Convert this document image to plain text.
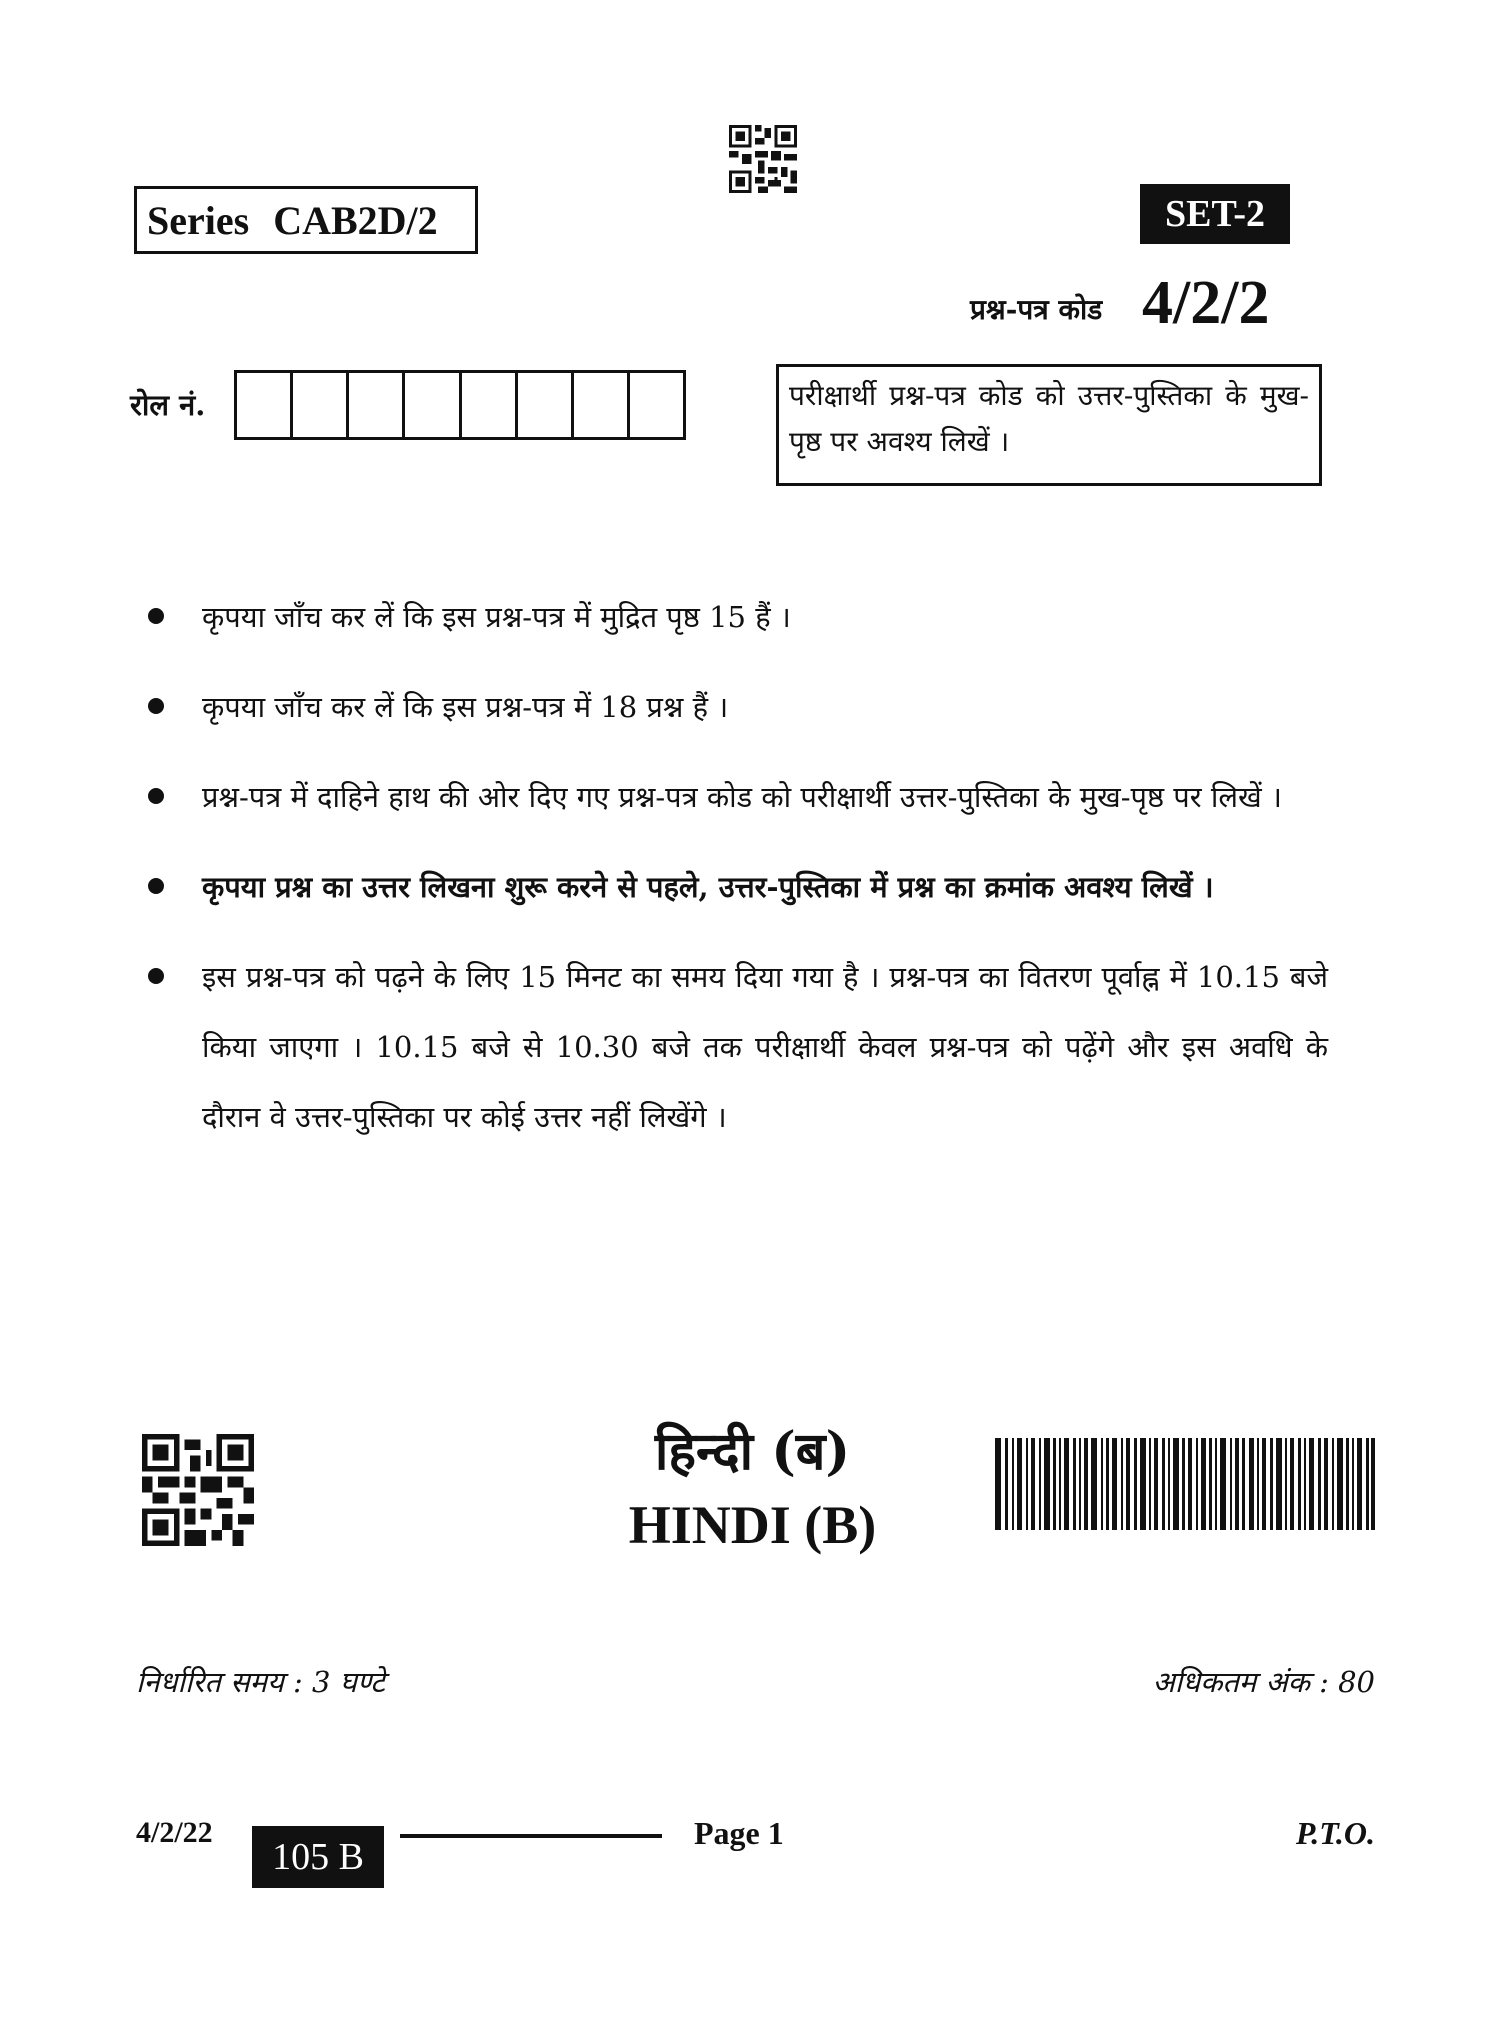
Series CAB2D/2	SET-2
प्रश्न-पत्र कोड 4/2/2
रोल नं.	परीक्षार्थी प्रश्न-पत्र कोड को उत्तर-पुस्तिका के मुख-पृष्ठ पर अवश्य लिखें ।
कृपया जाँच कर लें कि इस प्रश्न-पत्र में मुद्रित पृष्ठ 15 हैं ।
कृपया जाँच कर लें कि इस प्रश्न-पत्र में 18 प्रश्न हैं ।
प्रश्न-पत्र में दाहिने हाथ की ओर दिए गए प्रश्न-पत्र कोड को परीक्षार्थी उत्तर-पुस्तिका के मुख-पृष्ठ पर लिखें ।
कृपया प्रश्न का उत्तर लिखना शुरू करने से पहले, उत्तर-पुस्तिका में प्रश्न का क्रमांक अवश्य लिखें ।
इस प्रश्न-पत्र को पढ़ने के लिए 15 मिनट का समय दिया गया है । प्रश्न-पत्र का वितरण पूर्वाह्न में 10.15 बजे किया जाएगा । 10.15 बजे से 10.30 बजे तक परीक्षार्थी केवल प्रश्न-पत्र को पढ़ेंगे और इस अवधि के दौरान वे उत्तर-पुस्तिका पर कोई उत्तर नहीं लिखेंगे ।
हिन्दी (ब)
HINDI (B)
निर्धारित समय : 3 घण्टे	अधिकतम अंक : 80
4/2/22
105 B
Page 1	P.T.O.
